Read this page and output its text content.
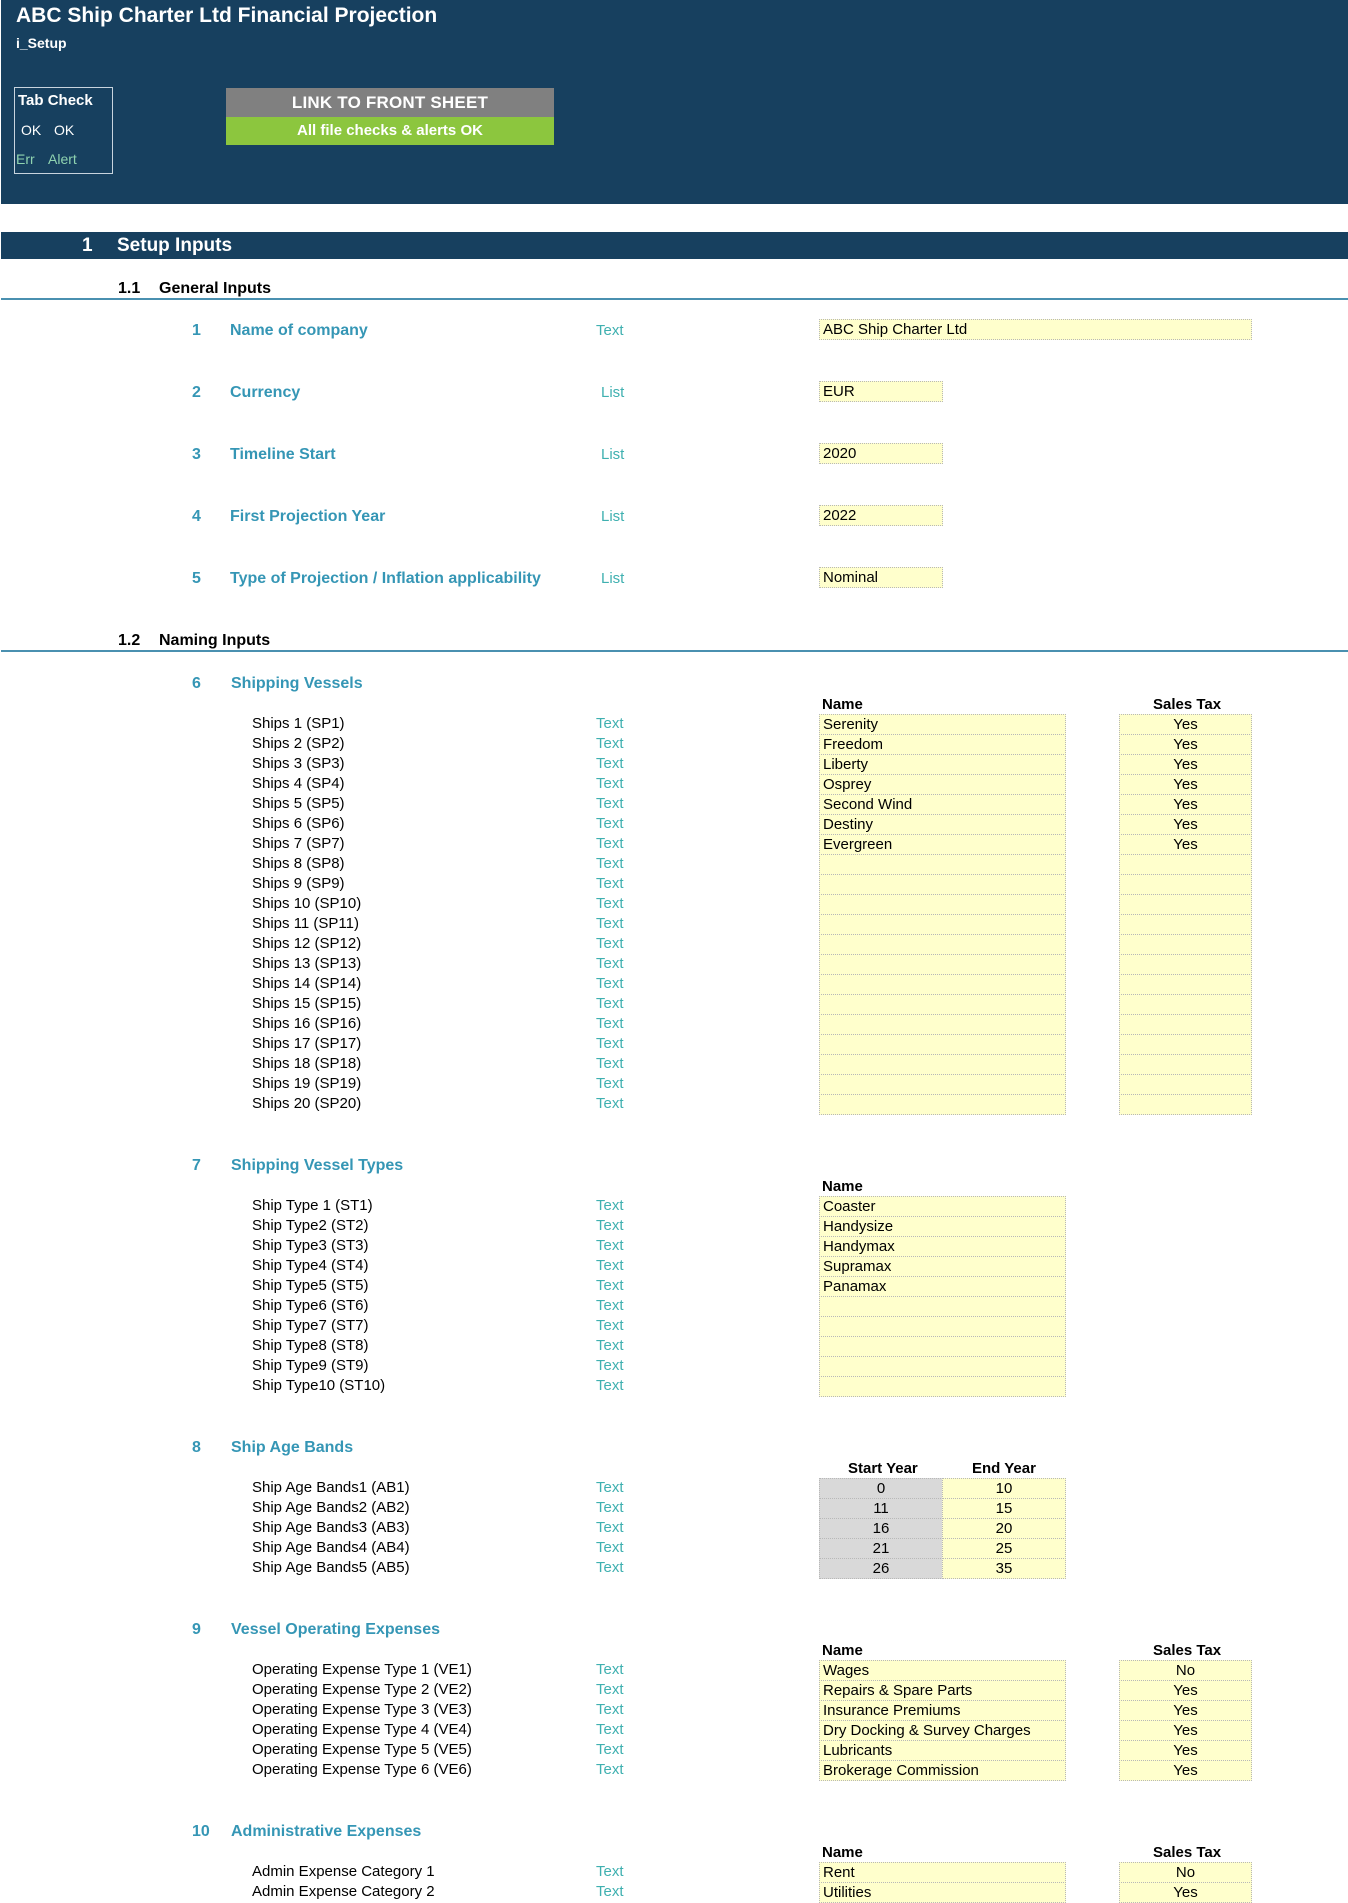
ABC Ship Charter Ltd Financial Projection
i_Setup
Tab Check
OK OK
Err Alert
LINK TO FRONT SHEET
All file checks & alerts OK
1 Setup Inputs
1.1 General Inputs
1 Name of company	Text	ABC Ship Charter Ltd
2 Currency	List	EUR
3 Timeline Start	List	2020
4 First Projection Year	List	2022
5 Type of Projection / Inflation applicability	List	Nominal
1.2 Naming Inputs
6 Shipping Vessels
Name	Sales Tax
Ships 1 (SP1)	Text	Serenity	Yes
Ships 2 (SP2)	Text	Freedom	Yes
Ships 3 (SP3)	Text	Liberty	Yes
Ships 4 (SP4)	Text	Osprey	Yes
Ships 5 (SP5)	Text	Second Wind	Yes
Ships 6 (SP6)	Text	Destiny	Yes
Ships 7 (SP7)	Text	Evergreen	Yes
Ships 8 (SP8)	Text
Ships 9 (SP9)	Text
Ships 10 (SP10)	Text
Ships 11 (SP11)	Text
Ships 12 (SP12)	Text
Ships 13 (SP13)	Text
Ships 14 (SP14)	Text
Ships 15 (SP15)	Text
Ships 16 (SP16)	Text
Ships 17 (SP17)	Text
Ships 18 (SP18)	Text
Ships 19 (SP19)	Text
Ships 20 (SP20)	Text
7 Shipping Vessel Types
Name
Ship Type 1 (ST1)	Text	Coaster
Ship Type2 (ST2)	Text	Handysize
Ship Type3 (ST3)	Text	Handymax
Ship Type4 (ST4)	Text	Supramax
Ship Type5 (ST5)	Text	Panamax
Ship Type6 (ST6)	Text
Ship Type7 (ST7)	Text
Ship Type8 (ST8)	Text
Ship Type9 (ST9)	Text
Ship Type10 (ST10)	Text
8 Ship Age Bands
Start Year	End Year
Ship Age Bands1 (AB1)	Text	0	10
Ship Age Bands2 (AB2)	Text	11	15
Ship Age Bands3 (AB3)	Text	16	20
Ship Age Bands4 (AB4)	Text	21	25
Ship Age Bands5 (AB5)	Text	26	35
9 Vessel Operating Expenses
Name	Sales Tax
Operating Expense Type 1 (VE1)	Text	Wages	No
Operating Expense Type 2 (VE2)	Text	Repairs & Spare Parts	Yes
Operating Expense Type 3 (VE3)	Text	Insurance Premiums	Yes
Operating Expense Type 4 (VE4)	Text	Dry Docking & Survey Charges	Yes
Operating Expense Type 5 (VE5)	Text	Lubricants	Yes
Operating Expense Type 6 (VE6)	Text	Brokerage Commission	Yes
10 Administrative Expenses
Name	Sales Tax
Admin Expense Category 1	Text	Rent	No
Admin Expense Category 2	Text	Utilities	Yes
